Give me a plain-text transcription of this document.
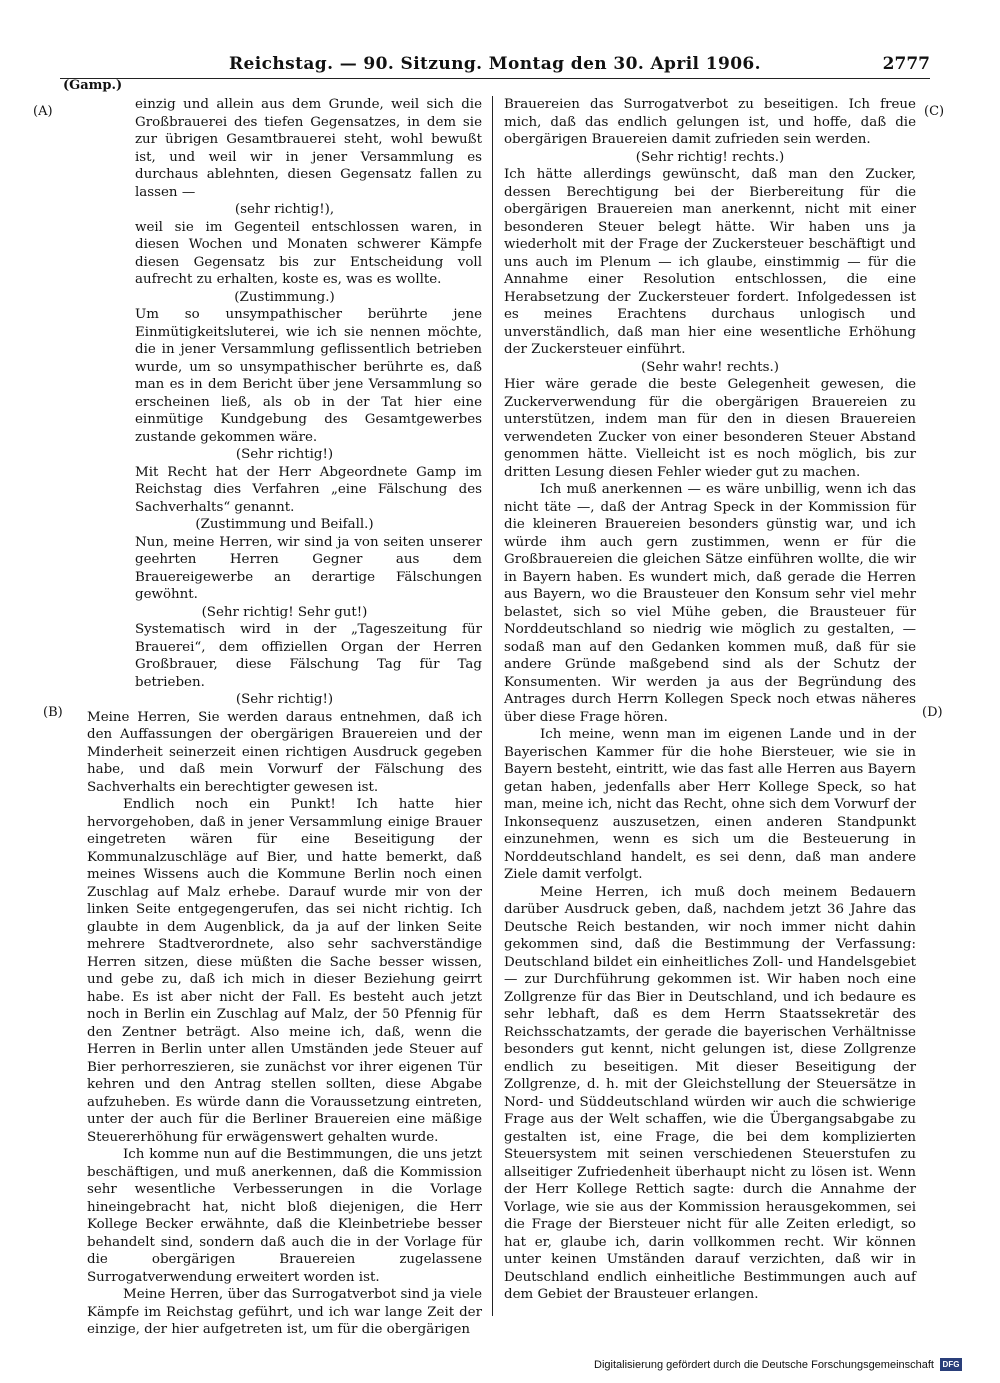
Reichstag. — 90. Sitzung. Montag den 30. April 1906.	2777
(Gamp.)
(A)
(B)
(C)
(D)

einzig und allein aus dem Grunde, weil sich die Großbrauerei des tiefen Gegensatzes, in dem sie zur übrigen Gesamtbrauerei steht, wohl bewußt ist, und weil wir in jener Versammlung es durchaus ablehnten, diesen Gegensatz fallen zu lassen —

(sehr richtig!),

weil sie im Gegenteil entschlossen waren, in diesen Wochen und Monaten schwerer Kämpfe diesen Gegensatz bis zur Entscheidung voll aufrecht zu erhalten, koste es, was es wollte.

(Zustimmung.)

Um so unsympathischer berührte jene Einmütigkeitsluterei, wie ich sie nennen möchte, die in jener Versammlung geflissentlich betrieben wurde, um so unsympathischer berührte es, daß man es in dem Bericht über jene Versammlung so erscheinen ließ, als ob in der Tat hier eine einmütige Kundgebung des Gesamtgewerbes zustande gekommen wäre.

(Sehr richtig!)

Mit Recht hat der Herr Abgeordnete Gamp im Reichstag dies Verfahren „eine Fälschung des Sachverhalts“ genannt.

(Zustimmung und Beifall.)

Nun, meine Herren, wir sind ja von seiten unserer geehrten Herren Gegner aus dem Brauereigewerbe an derartige Fälschungen gewöhnt.

(Sehr richtig! Sehr gut!)

Systematisch wird in der „Tageszeitung für Brauerei“, dem offiziellen Organ der Herren Großbrauer, diese Fälschung Tag für Tag betrieben.

(Sehr richtig!)

Meine Herren, Sie werden daraus entnehmen, daß ich den Auffassungen der obergärigen Brauereien und der Minderheit seinerzeit einen richtigen Ausdruck gegeben habe, und daß mein Vorwurf der Fälschung des Sachverhalts ein berechtigter gewesen ist.

Endlich noch ein Punkt! Ich hatte hier hervorgehoben, daß in jener Versammlung einige Brauer eingetreten wären für eine Beseitigung der Kommunalzuschläge auf Bier, und hatte bemerkt, daß meines Wissens auch die Kommune Berlin noch einen Zuschlag auf Malz erhebe. Darauf wurde mir von der linken Seite entgegengerufen, das sei nicht richtig. Ich glaubte in dem Augenblick, da ja auf der linken Seite mehrere Stadtverordnete, also sehr sachverständige Herren sitzen, diese müßten die Sache besser wissen, und gebe zu, daß ich mich in dieser Beziehung geirrt habe. Es ist aber nicht der Fall. Es besteht auch jetzt noch in Berlin ein Zuschlag auf Malz, der 50 Pfennig für den Zentner beträgt. Also meine ich, daß, wenn die Herren in Berlin unter allen Umständen jede Steuer auf Bier perhorreszieren, sie zunächst vor ihrer eigenen Tür kehren und den Antrag stellen sollten, diese Abgabe aufzuheben. Es würde dann die Voraussetzung eintreten, unter der auch für die Berliner Brauereien eine mäßige Steuererhöhung für erwägenswert gehalten wurde.

Ich komme nun auf die Bestimmungen, die uns jetzt beschäftigen, und muß anerkennen, daß die Kommission sehr wesentliche Verbesserungen in die Vorlage hineingebracht hat, nicht bloß diejenigen, die Herr Kollege Becker erwähnte, daß die Kleinbetriebe besser behandelt sind, sondern daß auch die in der Vorlage für die obergärigen Brauereien zugelassene Surrogatverwendung erweitert worden ist.

Meine Herren, über das Surrogatverbot sind ja viele Kämpfe im Reichstag geführt, und ich war lange Zeit der einzige, der hier aufgetreten ist, um für die obergärigen

Brauereien das Surrogatverbot zu beseitigen. Ich freue mich, daß das endlich gelungen ist, und hoffe, daß die obergärigen Brauereien damit zufrieden sein werden.

(Sehr richtig! rechts.)

Ich hätte allerdings gewünscht, daß man den Zucker, dessen Berechtigung bei der Bierbereitung für die obergärigen Brauereien man anerkennt, nicht mit einer besonderen Steuer belegt hätte. Wir haben uns ja wiederholt mit der Frage der Zuckersteuer beschäftigt und uns auch im Plenum — ich glaube, einstimmig — für die Annahme einer Resolution entschlossen, die eine Herabsetzung der Zuckersteuer fordert. Infolgedessen ist es meines Erachtens durchaus unlogisch und unverständlich, daß man hier eine wesentliche Erhöhung der Zuckersteuer einführt.

(Sehr wahr! rechts.)

Hier wäre gerade die beste Gelegenheit gewesen, die Zuckerverwendung für die obergärigen Brauereien zu unterstützen, indem man für den in diesen Brauereien verwendeten Zucker von einer besonderen Steuer Abstand genommen hätte. Vielleicht ist es noch möglich, bis zur dritten Lesung diesen Fehler wieder gut zu machen.

Ich muß anerkennen — es wäre unbillig, wenn ich das nicht täte —, daß der Antrag Speck in der Kommission für die kleineren Brauereien besonders günstig war, und ich würde ihm auch gern zustimmen, wenn er für die Großbrauereien die gleichen Sätze einführen wollte, die wir in Bayern haben. Es wundert mich, daß gerade die Herren aus Bayern, wo die Brausteuer den Konsum sehr viel mehr belastet, sich so viel Mühe geben, die Brausteuer für Norddeutschland so niedrig wie möglich zu gestalten, — sodaß man auf den Gedanken kommen muß, daß für sie andere Gründe maßgebend sind als der Schutz der Konsumenten. Wir werden ja aus der Begründung des Antrages durch Herrn Kollegen Speck noch etwas näheres über diese Frage hören.

Ich meine, wenn man im eigenen Lande und in der Bayerischen Kammer für die hohe Biersteuer, wie sie in Bayern besteht, eintritt, wie das fast alle Herren aus Bayern getan haben, jedenfalls aber Herr Kollege Speck, so hat man, meine ich, nicht das Recht, ohne sich dem Vorwurf der Inkonsequenz auszusetzen, einen anderen Standpunkt einzunehmen, wenn es sich um die Besteuerung in Norddeutschland handelt, es sei denn, daß man andere Ziele damit verfolgt.

Meine Herren, ich muß doch meinem Bedauern darüber Ausdruck geben, daß, nachdem jetzt 36 Jahre das Deutsche Reich bestanden, wir noch immer nicht dahin gekommen sind, daß die Bestimmung der Verfassung: Deutschland bildet ein einheitliches Zoll- und Handelsgebiet — zur Durchführung gekommen ist. Wir haben noch eine Zollgrenze für das Bier in Deutschland, und ich bedaure es sehr lebhaft, daß es dem Herrn Staatssekretär des Reichsschatzamts, der gerade die bayerischen Verhältnisse besonders gut kennt, nicht gelungen ist, diese Zollgrenze endlich zu beseitigen. Mit dieser Beseitigung der Zollgrenze, d. h. mit der Gleichstellung der Steuersätze in Nord- und Süddeutschland würden wir auch die schwierige Frage aus der Welt schaffen, wie die Übergangsabgabe zu gestalten ist, eine Frage, die bei dem komplizierten Steuersystem mit seinen verschiedenen Steuerstufen zu allseitiger Zufriedenheit überhaupt nicht zu lösen ist. Wenn der Herr Kollege Rettich sagte: durch die Annahme der Vorlage, wie sie aus der Kommission herausgekommen, sei die Frage der Biersteuer nicht für alle Zeiten erledigt, so hat er, glaube ich, darin vollkommen recht. Wir können unter keinen Umständen darauf verzichten, daß wir in Deutschland endlich einheitliche Bestimmungen auch auf dem Gebiet der Brausteuer erlangen.

Digitalisierung gefördert durch die Deutsche Forschungsgemeinschaft	DFG
